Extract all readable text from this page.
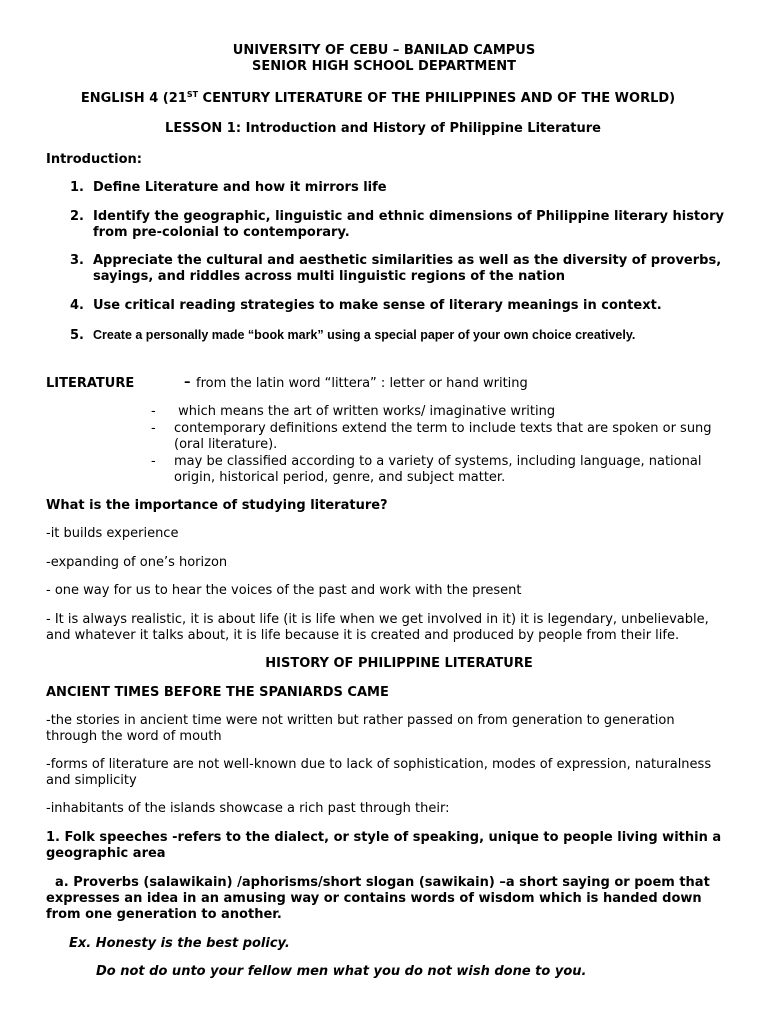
UNIVERSITY OF CEBU – BANILAD CAMPUS
SENIOR HIGH SCHOOL DEPARTMENT
ENGLISH 4 (21ST CENTURY LITERATURE OF THE PHILIPPINES AND OF THE WORLD)
LESSON 1: Introduction and History of Philippine Literature
Introduction:
1. Define Literature and how it mirrors life
2. Identify the geographic, linguistic and ethnic dimensions of Philippine literary history from pre-colonial to contemporary.
3. Appreciate the cultural and aesthetic similarities as well as the diversity of proverbs, sayings, and riddles across multi linguistic regions of the nation
4. Use critical reading strategies to make sense of literary meanings in context.
5. Create a personally made “book mark” using a special paper of your own choice creatively.
LITERATURE	– from the latin word “littera” : letter or hand writing
- which means the art of written works/ imaginative writing
- contemporary definitions extend the term to include texts that are spoken or sung (oral literature).
- may be classified according to a variety of systems, including language, national origin, historical period, genre, and subject matter.
What is the importance of studying literature?
-it builds experience
-expanding of one’s horizon
- one way for us to hear the voices of the past and work with the present
- It is always realistic, it is about life (it is life when we get involved in it) it is legendary, unbelievable, and whatever it talks about, it is life because it is created and produced by people from their life.
HISTORY OF PHILIPPINE LITERATURE
ANCIENT TIMES BEFORE THE SPANIARDS CAME
-the stories in ancient time were not written but rather passed on from generation to generation through the word of mouth
-forms of literature are not well-known due to lack of sophistication, modes of expression, naturalness and simplicity
-inhabitants of the islands showcase a rich past through their:
1. Folk speeches -refers to the dialect, or style of speaking, unique to people living within a geographic area
a. Proverbs (salawikain) /aphorisms/short slogan (sawikain) –a short saying or poem that expresses an idea in an amusing way or contains words of wisdom which is handed down from one generation to another.
Ex. Honesty is the best policy.
Do not do unto your fellow men what you do not wish done to you.
